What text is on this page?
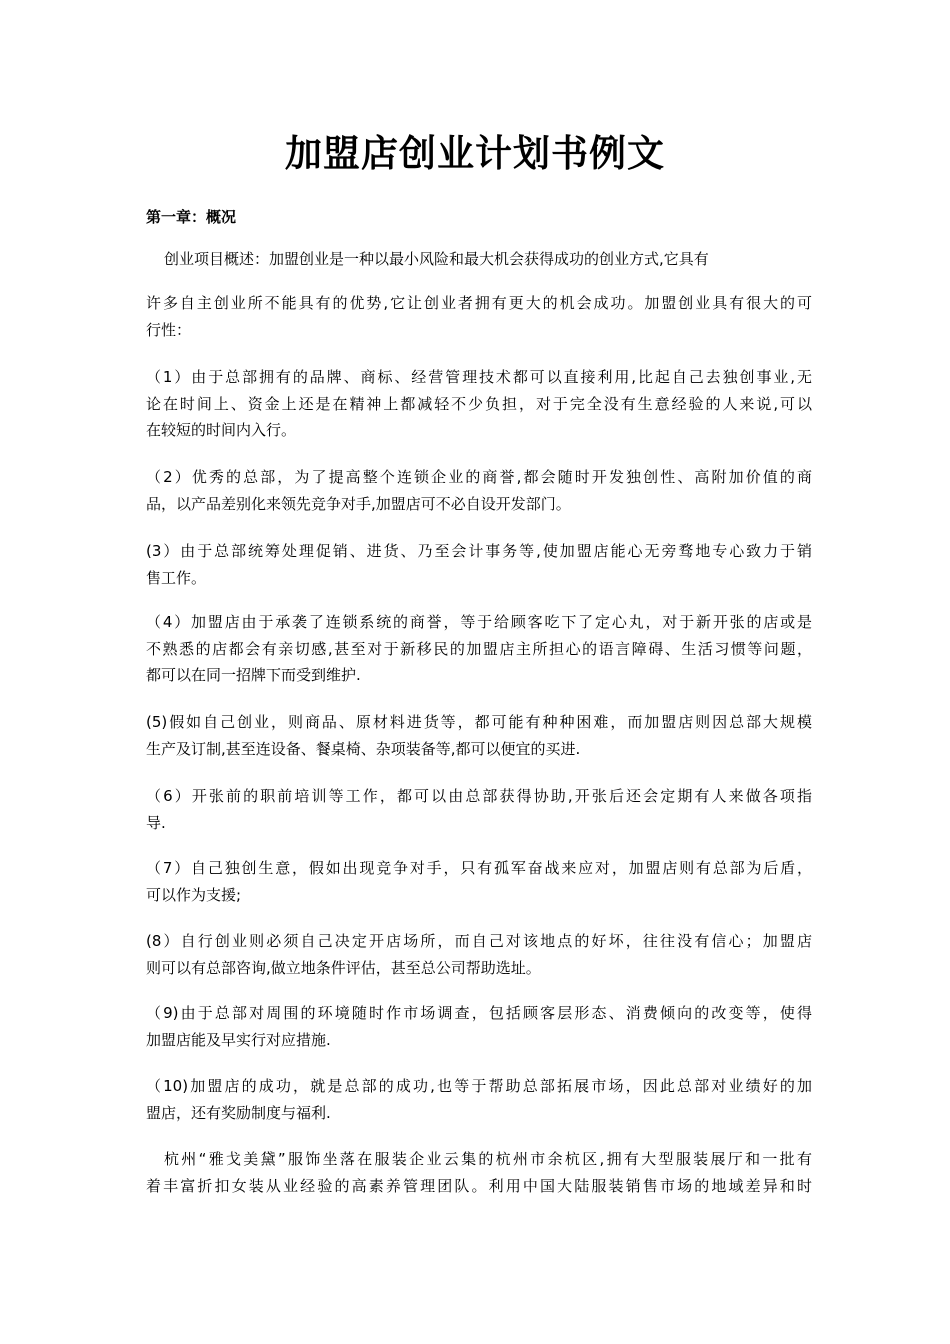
加盟店创业计划书例文
第一章：概况
创业项目概述：加盟创业是一种以最小风险和最大机会获得成功的创业方式,它具有
许多自主创业所不能具有的优势,它让创业者拥有更大的机会成功。加盟创业具有很大的可
行性：
（1）由于总部拥有的品牌、商标、经营管理技术都可以直接利用,比起自己去独创事业,无
论在时间上、资金上还是在精神上都减轻不少负担，对于完全没有生意经验的人来说,可以
在较短的时间内入行。
（2）优秀的总部，为了提高整个连锁企业的商誉,都会随时开发独创性、高附加价值的商
品，以产品差别化来领先竞争对手,加盟店可不必自设开发部门。
(3）由于总部统筹处理促销、进货、乃至会计事务等,使加盟店能心无旁骛地专心致力于销
售工作。
（4）加盟店由于承袭了连锁系统的商誉，等于给顾客吃下了定心丸，对于新开张的店或是
不熟悉的店都会有亲切感,甚至对于新移民的加盟店主所担心的语言障碍、生活习惯等问题，
都可以在同一招牌下而受到维护.
(5)假如自己创业，则商品、原材料进货等，都可能有种种困难，而加盟店则因总部大规模
生产及订制,甚至连设备、餐桌椅、杂项装备等,都可以便宜的买进.
（6）开张前的职前培训等工作，都可以由总部获得协助,开张后还会定期有人来做各项指
导.
（7）自己独创生意，假如出现竞争对手，只有孤军奋战来应对，加盟店则有总部为后盾，
可以作为支援;
(8）自行创业则必须自己决定开店场所，而自己对该地点的好坏，往往没有信心；加盟店
则可以有总部咨询,做立地条件评估，甚至总公司帮助选址。
（9)由于总部对周围的环境随时作市场调查，包括顾客层形态、消费倾向的改变等，使得
加盟店能及早实行对应措施.
（10)加盟店的成功，就是总部的成功,也等于帮助总部拓展市场，因此总部对业绩好的加
盟店，还有奖励制度与福利.
杭州“雅戈美黛”服饰坐落在服装企业云集的杭州市余杭区,拥有大型服装展厅和一批有
着丰富折扣女装从业经验的高素养管理团队。利用中国大陆服装销售市场的地域差异和时
